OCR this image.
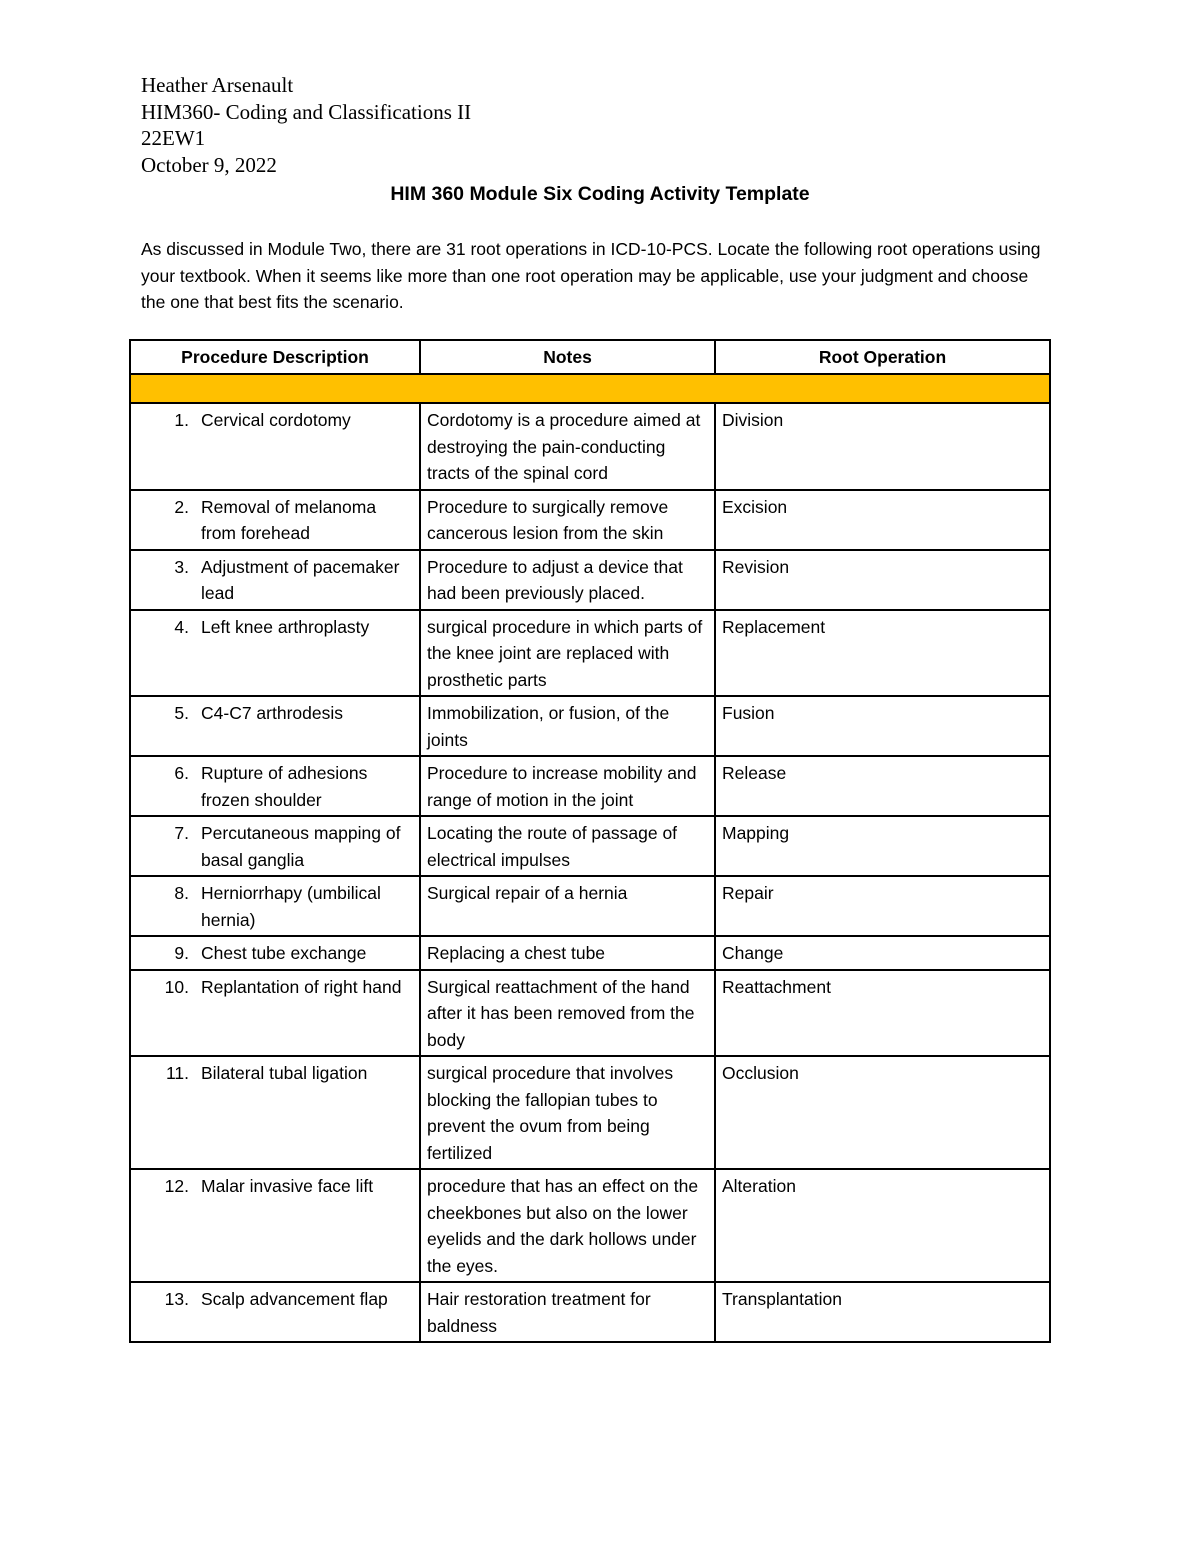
Heather Arsenault
HIM360- Coding and Classifications II
22EW1
October 9, 2022
HIM 360 Module Six Coding Activity Template
As discussed in Module Two, there are 31 root operations in ICD-10-PCS. Locate the following root operations using your textbook. When it seems like more than one root operation may be applicable, use your judgment and choose the one that best fits the scenario.
Procedure Description	Notes	Root Operation

1. Cervical cordotomy	Cordotomy is a procedure aimed at destroying the pain-conducting tracts of the spinal cord	Division

2. Removal of melanoma from forehead	Procedure to surgically remove cancerous lesion from the skin	Excision

3. Adjustment of pacemaker lead	Procedure to adjust a device that had been previously placed.	Revision

4. Left knee arthroplasty	surgical procedure in which parts of the knee joint are replaced with prosthetic parts	Replacement

5. C4-C7 arthrodesis	Immobilization, or fusion, of the joints	Fusion

6. Rupture of adhesions frozen shoulder	Procedure to increase mobility and range of motion in the joint	Release

7. Percutaneous mapping of basal ganglia	Locating the route of passage of electrical impulses	Mapping

8. Herniorrhapy (umbilical hernia)	Surgical repair of a hernia	Repair

9. Chest tube exchange	Replacing a chest tube	Change

10. Replantation of right hand	Surgical reattachment of the hand after it has been removed from the body	Reattachment

11. Bilateral tubal ligation	surgical procedure that involves blocking the fallopian tubes to prevent the ovum from being fertilized	Occlusion

12. Malar invasive face lift	procedure that has an effect on the cheekbones but also on the lower eyelids and the dark hollows under the eyes.	Alteration

13. Scalp advancement flap	Hair restoration treatment for baldness	Transplantation
